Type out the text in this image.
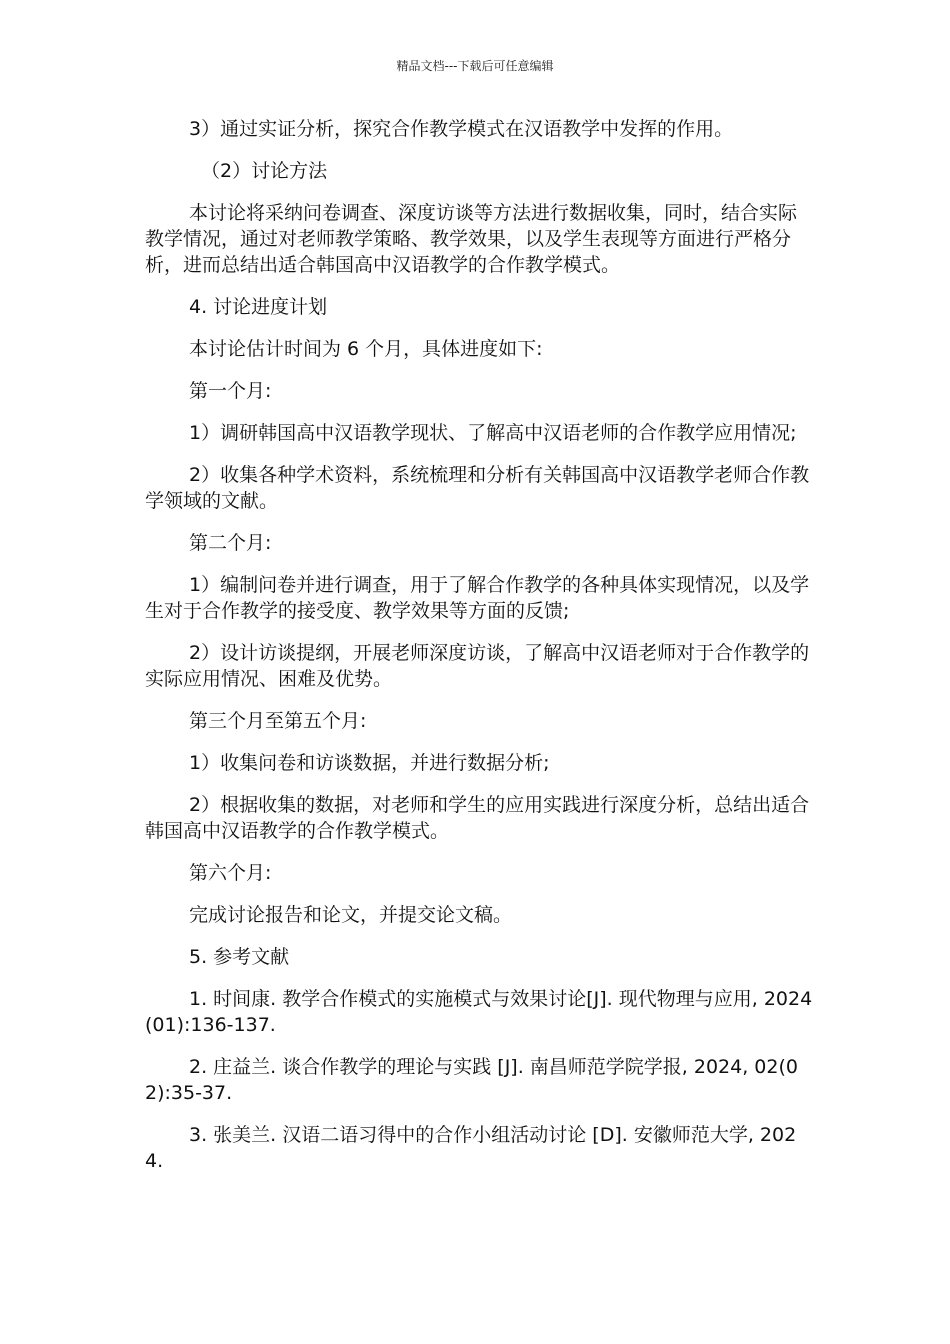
精品文档---下载后可任意编辑

3）通过实证分析，探究合作教学模式在汉语教学中发挥的作用。

（2）讨论方法

本讨论将采纳问卷调查、深度访谈等方法进行数据收集，同时，结合实际教学情况，通过对老师教学策略、教学效果，以及学生表现等方面进行严格分析，进而总结出适合韩国高中汉语教学的合作教学模式。

4. 讨论进度计划

本讨论估计时间为 6 个月，具体进度如下:

第一个月:

1）调研韩国高中汉语教学现状、了解高中汉语老师的合作教学应用情况;

2）收集各种学术资料，系统梳理和分析有关韩国高中汉语教学老师合作教学领域的文献。

第二个月:

1）编制问卷并进行调查，用于了解合作教学的各种具体实现情况，以及学生对于合作教学的接受度、教学效果等方面的反馈;

2）设计访谈提纲，开展老师深度访谈，了解高中汉语老师对于合作教学的实际应用情况、困难及优势。

第三个月至第五个月:

1）收集问卷和访谈数据，并进行数据分析;

2）根据收集的数据，对老师和学生的应用实践进行深度分析，总结出适合韩国高中汉语教学的合作教学模式。

第六个月:

完成讨论报告和论文，并提交论文稿。

5. 参考文献

1. 时间康. 教学合作模式的实施模式与效果讨论[J]. 现代物理与应用, 2024(01):136-137.

2. 庄益兰. 谈合作教学的理论与实践 [J]. 南昌师范学院学报, 2024, 02(02):35-37.

3. 张美兰. 汉语二语习得中的合作小组活动讨论 [D]. 安徽师范大学, 2024.
